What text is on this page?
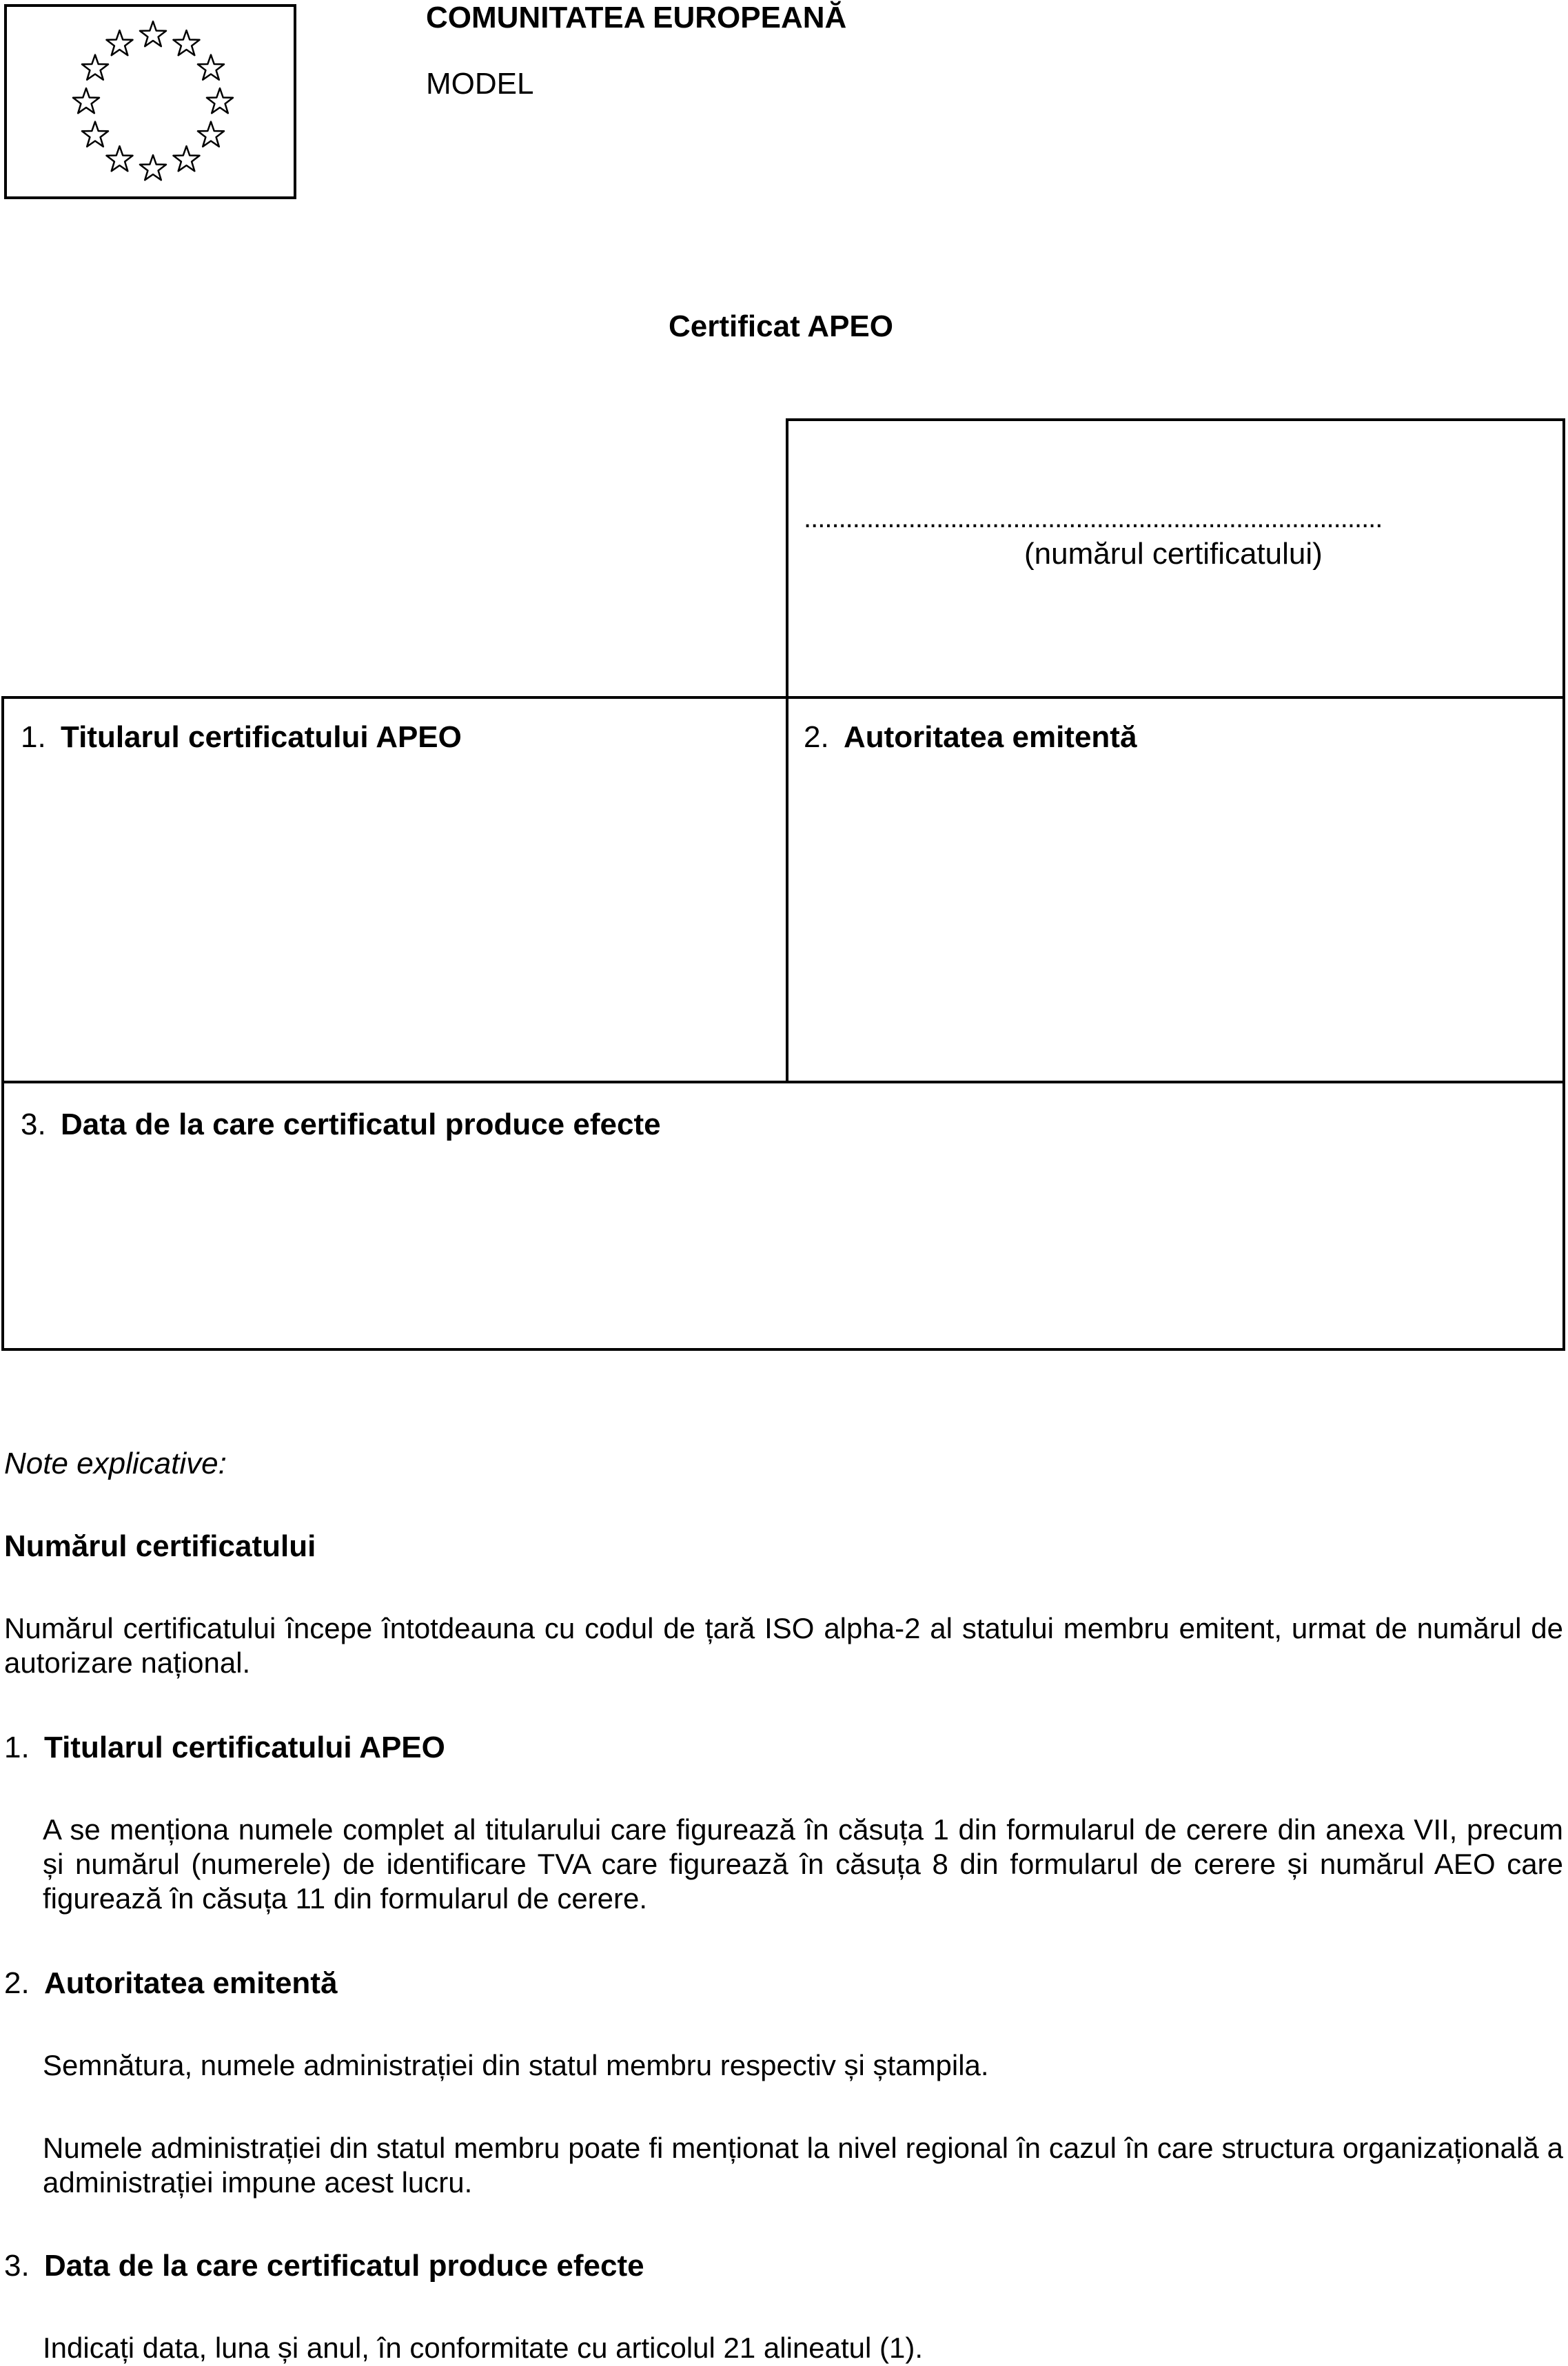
COMUNITATEA EUROPEANĂ
MODEL
Certificat APEO
...................................................................................
(numărul certificatului)
1. Titularul certificatului APEO	2. Autoritatea emitentă
3. Data de la care certificatul produce efecte
Note explicative:
Numărul certificatului
Numărul certificatului începe întotdeauna cu codul de țară ISO alpha-2 al statului membru emitent, urmat de numărul de autorizare național.
1. Titularul certificatului APEO
A se menționa numele complet al titularului care figurează în căsuța 1 din formularul de cerere din anexa VII, precum și numărul (numerele) de identificare TVA care figurează în căsuța 8 din formularul de cerere și numărul AEO care figurează în căsuța 11 din formularul de cerere.
2. Autoritatea emitentă
Semnătura, numele administrației din statul membru respectiv și ștampila.
Numele administrației din statul membru poate fi menționat la nivel regional în cazul în care structura organizațională a administrației impune acest lucru.
3. Data de la care certificatul produce efecte
Indicați data, luna și anul, în conformitate cu articolul 21 alineatul (1).
